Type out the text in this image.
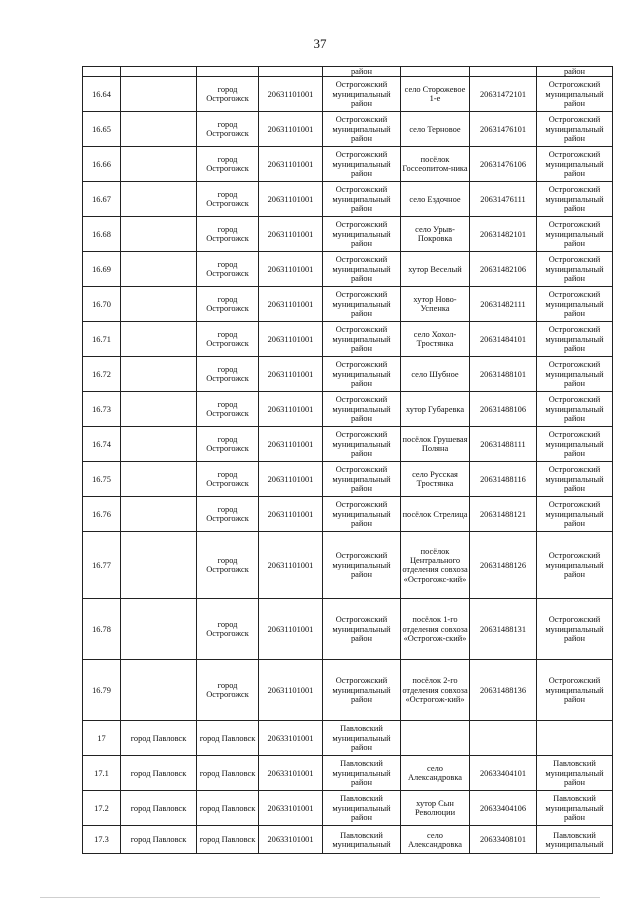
37
				район			район
16.64		город Острогожск	20631101001	Острогожский муниципальный район	село Сторожевое 1-е	20631472101	Острогожский муниципальный район
16.65		город Острогожск	20631101001	Острогожский муниципальный район	село Терновое	20631476101	Острогожский муниципальный район
16.66		город Острогожск	20631101001	Острогожский муниципальный район	посёлок Госсеопитом-ника	20631476106	Острогожский муниципальный район
16.67		город Острогожск	20631101001	Острогожский муниципальный район	село Ездочное	20631476111	Острогожский муниципальный район
16.68		город Острогожск	20631101001	Острогожский муниципальный район	село Урыв-Покровка	20631482101	Острогожский муниципальный район
16.69		город Острогожск	20631101001	Острогожский муниципальный район	хутор Веселый	20631482106	Острогожский муниципальный район
16.70		город Острогожск	20631101001	Острогожский муниципальный район	хутор Ново-Успенка	20631482111	Острогожский муниципальный район
16.71		город Острогожск	20631101001	Острогожский муниципальный район	село Хохол-Тростянка	20631484101	Острогожский муниципальный район
16.72		город Острогожск	20631101001	Острогожский муниципальный район	село Шубное	20631488101	Острогожский муниципальный район
16.73		город Острогожск	20631101001	Острогожский муниципальный район	хутор Губаревка	20631488106	Острогожский муниципальный район
16.74		город Острогожск	20631101001	Острогожский муниципальный район	посёлок Грушевая Поляна	20631488111	Острогожский муниципальный район
16.75		город Острогожск	20631101001	Острогожский муниципальный район	село Русская Тростянка	20631488116	Острогожский муниципальный район
16.76		город Острогожск	20631101001	Острогожский муниципальный район	посёлок Стрелица	20631488121	Острогожский муниципальный район
16.77		город Острогожск	20631101001	Острогожский муниципальный район	посёлок Центрального отделения совхоза «Острогожс-кий»	20631488126	Острогожский муниципальный район
16.78		город Острогожск	20631101001	Острогожский муниципальный район	посёлок 1-го отделения совхоза «Острогож-ский»	20631488131	Острогожский муниципальный район
16.79		город Острогожск	20631101001	Острогожский муниципальный район	посёлок 2-го отделения совхоза «Острогож-кий»	20631488136	Острогожский муниципальный район
17	город Павловск	город Павловск	20633101001	Павловский муниципальный район			
17.1	город Павловск	город Павловск	20633101001	Павловский муниципальный район	село Александровка	20633404101	Павловский муниципальный район
17.2	город Павловск	город Павловск	20633101001	Павловский муниципальный район	хутор Сын Революции	20633404106	Павловский муниципальный район
17.3	город Павловск	город Павловск	20633101001	Павловский муниципальный	село Александровка	20633408101	Павловский муниципальный
